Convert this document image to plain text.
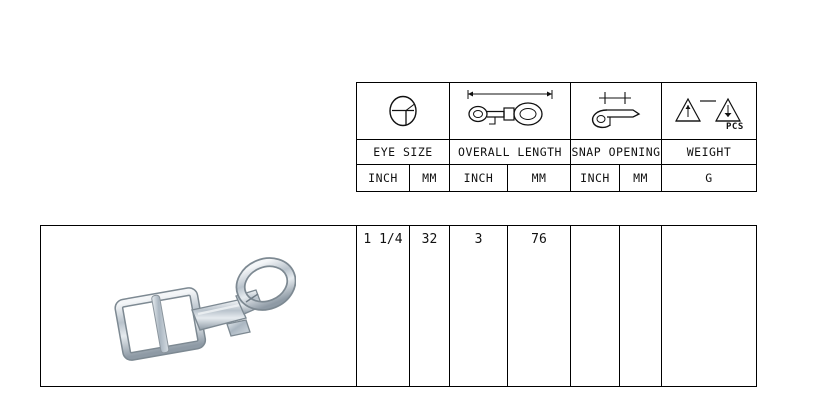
PCS

EYE SIZE		OVERALL LENGTH		SNAP OPENING		WEIGHT
INCH	MM	INCH	MM	INCH	MM	G
	1 1/4	32	3	76			
